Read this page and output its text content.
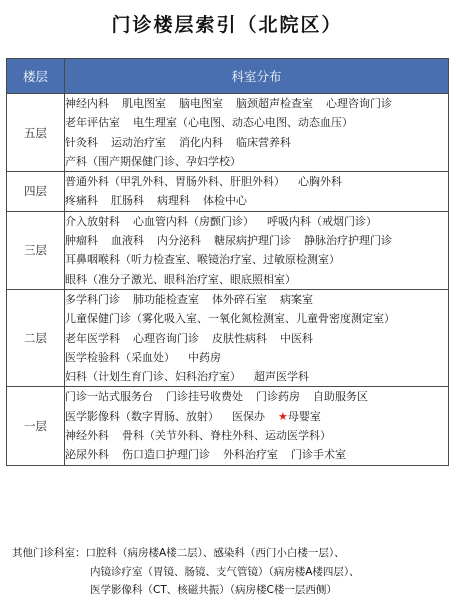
门诊楼层索引（北院区）
楼层	科室分布
五层	神经内科 肌电图室 脑电图室 脑颈超声检查室 心理咨询门诊
老年评估室 电生理室（心电图、动态心电图、动态血压）
针灸科 运动治疗室 消化内科 临床营养科
产科（围产期保健门诊、孕妇学校）

四层	普通外科（甲乳外科、胃肠外科、肝胆外科） 心胸外科
疼痛科 肛肠科 病理科 体检中心

三层	介入放射科 心血管内科（房颤门诊） 呼吸内科（戒烟门诊）
肿瘤科 血液科 内分泌科 糖尿病护理门诊 静脉治疗护理门诊
耳鼻咽喉科（听力检查室、喉镜治疗室、过敏原检测室）
眼科（准分子激光、眼科治疗室、眼底照相室）

二层	多学科门诊 肺功能检查室 体外碎石室 病案室
儿童保健门诊（雾化吸入室、一氧化氮检测室、儿童骨密度测定室）
老年医学科 心理咨询门诊 皮肤性病科 中医科
医学检验科（采血处） 中药房
妇科（计划生育门诊、妇科治疗室） 超声医学科

一层	门诊一站式服务台 门诊挂号收费处 门诊药房 自助服务区
医学影像科（数字胃肠、放射） 医保办 ★母婴室
神经外科 骨科（关节外科、脊柱外科、运动医学科）
泌尿外科 伤口造口护理门诊 外科治疗室 门诊手术室
其他门诊科室：口腔科（病房楼A楼二层）、感染科（西门小白楼一层）、
内镜诊疗室（胃镜、肠镜、支气管镜）（病房楼A楼四层）、
医学影像科（CT、核磁共振）（病房楼C楼一层西侧）
